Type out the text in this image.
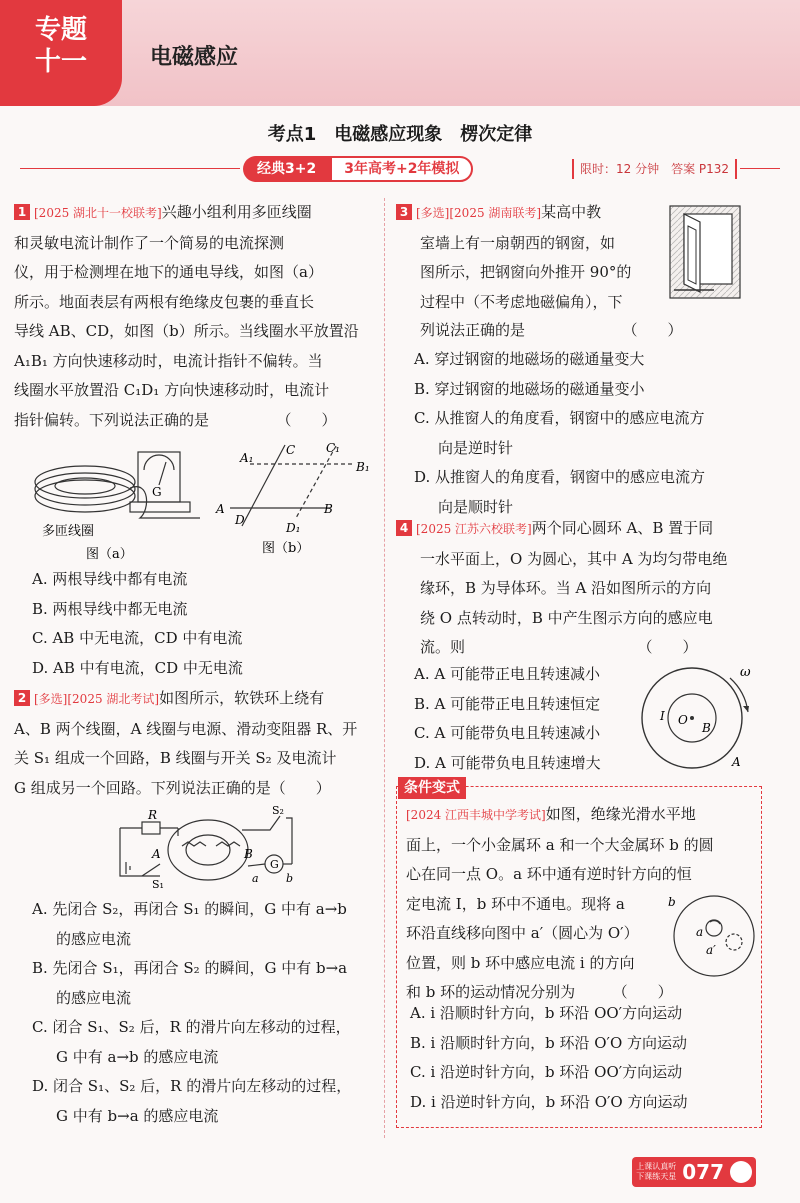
专题
十一	电磁感应
考点1　电磁感应现象　楞次定律
经典3+2	3年高考+2年模拟	限时：12 分钟　答案 P132

1 [2025 湖北十一校联考]兴趣小组利用多匝线圈

和灵敏电流计制作了一个简易的电流探测

仪，用于检测埋在地下的通电导线，如图（a）

所示。地面表层有两根有绝缘皮包裹的垂直长

导线 AB、CD，如图（b）所示。当线圈水平放置沿

A₁B₁ 方向快速移动时，电流计指针不偏转。当

线圈水平放置沿 C₁D₁ 方向快速移动时，电流计

指针偏转。下列说法正确的是　　　　　（　　）

G
多匝线圈
图（a）
A₁
B₁
C	C₁
A	B
D
D₁
图（b）

A. 两根导线中都有电流

B. 两根导线中都无电流

C. AB 中无电流，CD 中有电流

D. AB 中有电流，CD 中无电流

2 [多选][2025 湖北考试]如图所示，软铁环上绕有

A、B 两个线圈，A 线圈与电源、滑动变阻器 R、开

关 S₁ 组成一个回路，B 线圈与开关 S₂ 及电流计

G 组成另一个回路。下列说法正确的是（　　）

R
S₁
S₂
A	B
G
a b

A. 先闭合 S₂，再闭合 S₁ 的瞬间，G 中有 a→b

的感应电流

B. 先闭合 S₁，再闭合 S₂ 的瞬间，G 中有 b→a

的感应电流

C. 闭合 S₁、S₂ 后，R 的滑片向左移动的过程，

G 中有 a→b 的感应电流

D. 闭合 S₁、S₂ 后，R 的滑片向左移动的过程，

G 中有 b→a 的感应电流

3 [多选][2025 湖南联考]某高中教

室墙上有一扇朝西的钢窗，如

图所示，把钢窗向外推开 90°的

过程中（不考虑地磁偏角），下

列说法正确的是　　　　　　　（　　）

A. 穿过钢窗的地磁场的磁通量变大

B. 穿过钢窗的地磁场的磁通量变小

C. 从推窗人的角度看，钢窗中的感应电流方

向是逆时针

D. 从推窗人的角度看，钢窗中的感应电流方

向是顺时针

4 [2025 江苏六校联考]两个同心圆环 A、B 置于同

一水平面上，O 为圆心，其中 A 为均匀带电绝

缘环，B 为导体环。当 A 沿如图所示的方向

绕 O 点转动时，B 中产生图示方向的感应电

流。则　　　　　　　　　　　　（　　）

A. A 可能带正电且转速减小

B. A 可能带正电且转速恒定

C. A 可能带负电且转速减小

D. A 可能带负电且转速增大

ω
I O
B
A
条件变式

[2024 江西丰城中学考试]如图，绝缘光滑水平地

面上，一个小金属环 a 和一个大金属环 b 的圆

心在同一点 O。a 环中通有逆时针方向的恒

定电流 I，b 环中不通电。现将 a

环沿直线移向图中 a′（圆心为 O′）

位置，则 b 环中感应电流 i 的方向

和 b 环的运动情况分别为　　　（　　）

b
a
a′

A. i 沿顺时针方向，b 环沿 OO′方向运动

B. i 沿顺时针方向，b 环沿 O′O 方向运动

C. i 沿逆时针方向，b 环沿 OO′方向运动

D. i 沿逆时针方向，b 环沿 O′O 方向运动

上课认真听
下课练天星 077
